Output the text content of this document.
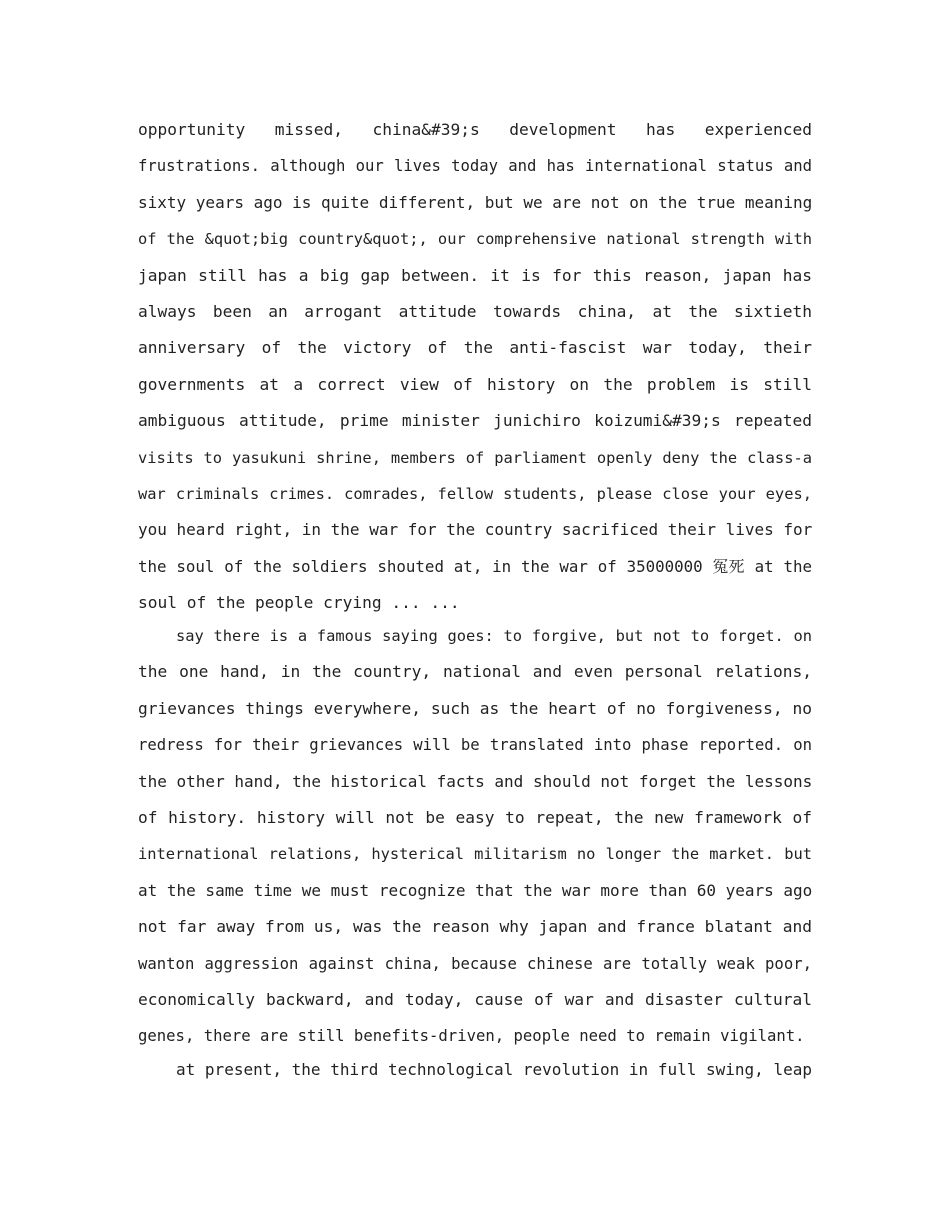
opportunity missed, china&#39;s development has experienced
frustrations. although our lives today and has international status and
sixty years ago is quite different, but we are not on the true meaning
of the &quot;big country&quot;, our comprehensive national strength with
japan still has a big gap between. it is for this reason, japan has
always been an arrogant attitude towards china, at the sixtieth
anniversary of the victory of the anti-fascist war today, their
governments at a correct view of history on the problem is still
ambiguous attitude, prime minister junichiro koizumi&#39;s repeated
visits to yasukuni shrine, members of parliament openly deny the class-a
war criminals crimes. comrades, fellow students, please close your eyes,
you heard right, in the war for the country sacrificed their lives for
the soul of the soldiers shouted at, in the war of 35000000 冤死 at the
soul of the people crying ... ...
say there is a famous saying goes: to forgive, but not to forget. on
the one hand, in the country, national and even personal relations,
grievances things everywhere, such as the heart of no forgiveness, no
redress for their grievances will be translated into phase reported. on
the other hand, the historical facts and should not forget the lessons
of history. history will not be easy to repeat, the new framework of
international relations, hysterical militarism no longer the market. but
at the same time we must recognize that the war more than 60 years ago
not far away from us, was the reason why japan and france blatant and
wanton aggression against china, because chinese are totally weak poor,
economically backward, and today, cause of war and disaster cultural
genes, there are still benefits-driven, people need to remain vigilant.
at present, the third technological revolution in full swing, leap
